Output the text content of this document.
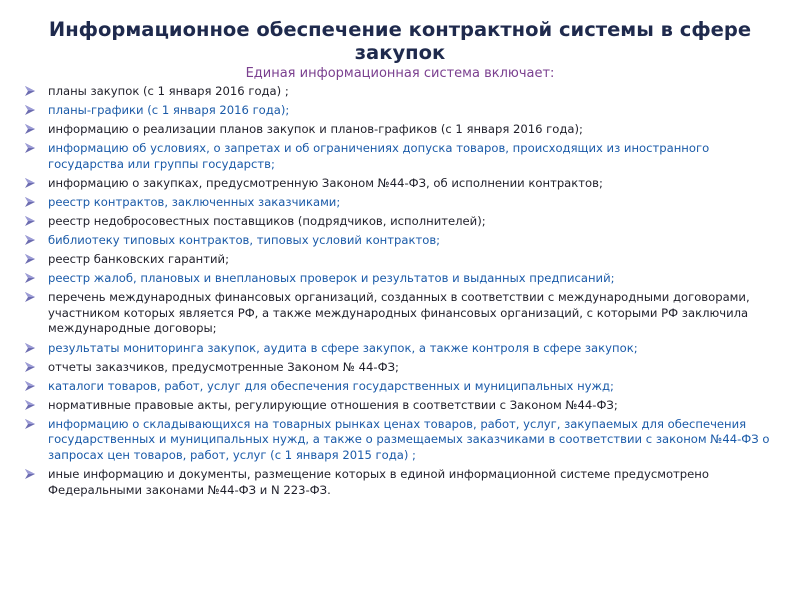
Информационное обеспечение контрактной системы в сфере закупок
Единая информационная система включает:
планы закупок (с 1 января 2016 года) ;
планы-графики (с 1 января 2016 года);
информацию о реализации планов закупок и планов-графиков (с 1 января 2016 года);
информацию об условиях, о запретах и об ограничениях допуска товаров, происходящих из иностранного государства или группы государств;
информацию о закупках, предусмотренную Законом №44-ФЗ, об исполнении контрактов;
реестр контрактов, заключенных заказчиками;
реестр недобросовестных поставщиков (подрядчиков, исполнителей);
библиотеку типовых контрактов, типовых условий контрактов;
реестр банковских гарантий;
реестр жалоб, плановых и внеплановых проверок и результатов и выданных предписаний;
перечень международных финансовых организаций, созданных в соответствии с международными договорами, участником которых является РФ, а также международных финансовых организаций, с которыми РФ заключила международные договоры;
результаты мониторинга закупок, аудита в сфере закупок, а также контроля в сфере закупок;
отчеты заказчиков, предусмотренные Законом № 44-ФЗ;
каталоги товаров, работ, услуг для обеспечения государственных и муниципальных нужд;
нормативные правовые акты, регулирующие отношения в соответствии с Законом №44-ФЗ;
информацию о складывающихся на товарных рынках ценах товаров, работ, услуг, закупаемых для обеспечения государственных и муниципальных нужд, а также о размещаемых заказчиками в соответствии с законом №44-ФЗ о запросах цен товаров, работ, услуг (с 1 января 2015 года) ;
иные информацию и документы, размещение которых в единой информационной системе предусмотрено Федеральными законами №44-ФЗ и N 223-ФЗ.
